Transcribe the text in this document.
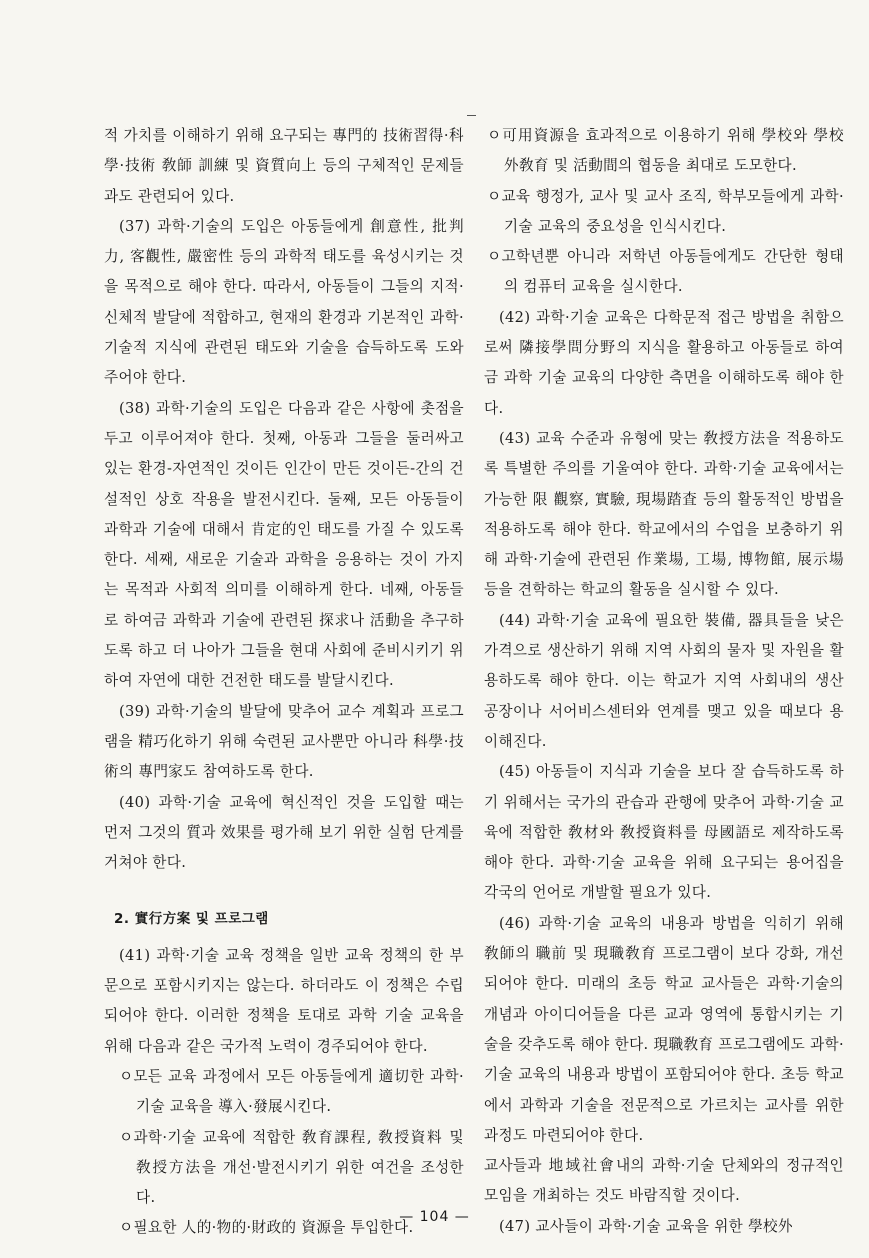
적 가치를 이해하기 위해 요구되는 專門的 技術習得·科學·技術 敎師 訓練 및 資質向上 등의 구체적인 문제들과도 관련되어 있다.

(37) 과학·기술의 도입은 아동들에게 創意性, 批判力, 客觀性, 嚴密性 등의 과학적 태도를 육성시키는 것을 목적으로 해야 한다. 따라서, 아동들이 그들의 지적·신체적 발달에 적합하고, 현재의 환경과 기본적인 과학·기술적 지식에 관련된 태도와 기술을 습득하도록 도와 주어야 한다.

(38) 과학·기술의 도입은 다음과 같은 사항에 촛점을 두고 이루어져야 한다. 첫째, 아동과 그들을 둘러싸고 있는 환경-자연적인 것이든 인간이 만든 것이든-간의 건설적인 상호 작용을 발전시킨다. 둘째, 모든 아동들이 과학과 기술에 대해서 肯定的인 태도를 가질 수 있도록 한다. 세째, 새로운 기술과 과학을 응용하는 것이 가지는 목적과 사회적 의미를 이해하게 한다. 네째, 아동들로 하여금 과학과 기술에 관련된 探求나 活動을 추구하도록 하고 더 나아가 그들을 현대 사회에 준비시키기 위하여 자연에 대한 건전한 태도를 발달시킨다.

(39) 과학·기술의 발달에 맞추어 교수 계획과 프로그램을 精巧化하기 위해 숙련된 교사뿐만 아니라 科學·技術의 專門家도 참여하도록 한다.

(40) 과학·기술 교육에 혁신적인 것을 도입할 때는 먼저 그것의 質과 效果를 평가해 보기 위한 실험 단계를 거쳐야 한다.

2. 實行方案 및 프로그램

(41) 과학·기술 교육 정책을 일반 교육 정책의 한 부문으로 포함시키지는 않는다. 하더라도 이 정책은 수립되어야 한다. 이러한 정책을 토대로 과학 기술 교육을 위해 다음과 같은 국가적 노력이 경주되어야 한다.

ㅇ모든 교육 과정에서 모든 아동들에게 適切한 과학·기술 교육을 導入·發展시킨다.

ㅇ과학·기술 교육에 적합한 敎育課程, 敎授資料 및 敎授方法을 개선·발전시키기 위한 여건을 조성한다.

ㅇ필요한 人的·物的·財政的 資源을 투입한다.

ㅇ可用資源을 효과적으로 이용하기 위해 學校와 學校外敎育 및 活動間의 협동을 최대로 도모한다.

ㅇ교육 행정가, 교사 및 교사 조직, 학부모들에게 과학·기술 교육의 중요성을 인식시킨다.

ㅇ고학년뿐 아니라 저학년 아동들에게도 간단한 형태의 컴퓨터 교육을 실시한다.

(42) 과학·기술 교육은 다학문적 접근 방법을 취함으로써 隣接學問分野의 지식을 활용하고 아동들로 하여금 과학 기술 교육의 다양한 측면을 이해하도록 해야 한다.

(43) 교육 수준과 유형에 맞는 敎授方法을 적용하도록 특별한 주의를 기울여야 한다. 과학·기술 교육에서는 가능한 限 觀察, 實驗, 現場踏査 등의 활동적인 방법을 적용하도록 해야 한다. 학교에서의 수업을 보충하기 위해 과학·기술에 관련된 作業場, 工場, 博物館, 展示場 등을 견학하는 학교의 활동을 실시할 수 있다.

(44) 과학·기술 교육에 필요한 裝備, 器具들을 낮은 가격으로 생산하기 위해 지역 사회의 물자 및 자원을 활용하도록 해야 한다. 이는 학교가 지역 사회내의 생산 공장이나 서어비스센터와 연계를 맺고 있을 때보다 용이해진다.

(45) 아동들이 지식과 기술을 보다 잘 습득하도록 하기 위해서는 국가의 관습과 관행에 맞추어 과학·기술 교육에 적합한 敎材와 敎授資料를 母國語로 제작하도록 해야 한다. 과학·기술 교육을 위해 요구되는 용어집을 각국의 언어로 개발할 필요가 있다.

(46) 과학·기술 교육의 내용과 방법을 익히기 위해 敎師의 職前 및 現職敎育 프로그램이 보다 강화, 개선되어야 한다. 미래의 초등 학교 교사들은 과학·기술의 개념과 아이디어들을 다른 교과 영역에 통합시키는 기술을 갖추도록 해야 한다. 現職敎育 프로그램에도 과학·기술 교육의 내용과 방법이 포함되어야 한다. 초등 학교에서 과학과 기술을 전문적으로 가르치는 교사를 위한 과정도 마련되어야 한다.

교사들과 地域社會내의 과학·기술 단체와의 정규적인 모임을 개최하는 것도 바람직할 것이다.

(47) 교사들이 과학·기술 교육을 위한 學校外

— 104 —
